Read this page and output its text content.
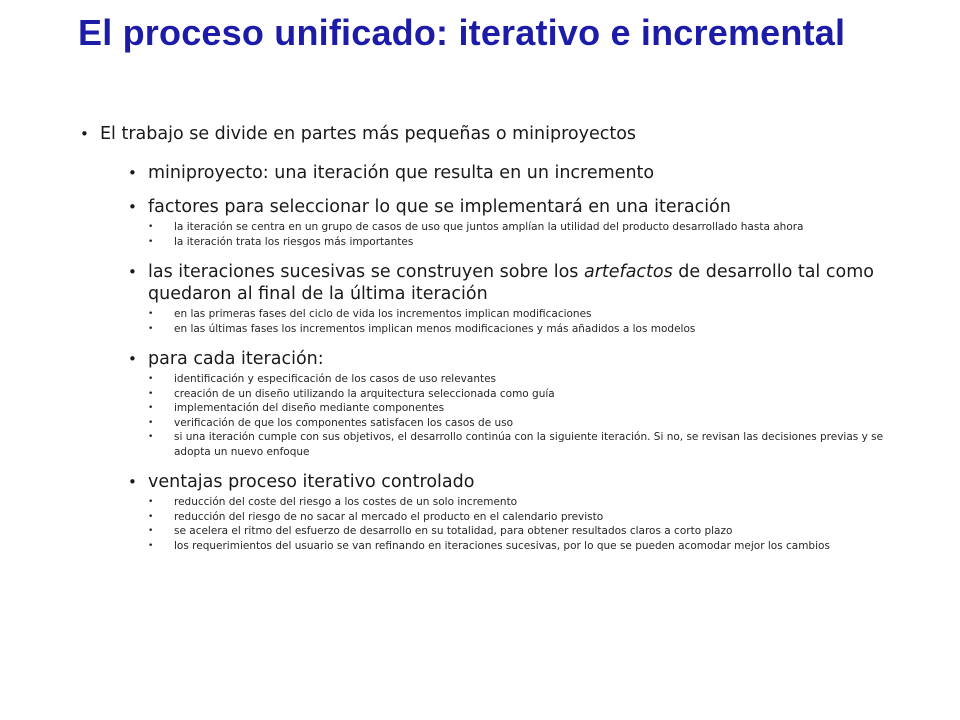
El proceso unificado: iterativo e incremental
• El trabajo se divide en partes más pequeñas o miniproyectos
• miniproyecto: una iteración que resulta en un incremento
• factores para seleccionar lo que se implementará en una iteración
• la iteración se centra en un grupo de casos de uso que juntos amplían la utilidad del producto desarrollado hasta ahora
• la iteración trata los riesgos más importantes
• las iteraciones sucesivas se construyen sobre los artefactos de desarrollo tal como quedaron al final de la última iteración
• en las primeras fases del ciclo de vida los incrementos implican modificaciones
• en las últimas fases los incrementos implican menos modificaciones y más añadidos a los modelos
• para cada iteración:
• identificación y especificación de los casos de uso relevantes
• creación de un diseño utilizando la arquitectura seleccionada como guía
• implementación del diseño mediante componentes
• verificación de que los componentes satisfacen los casos de uso
• si una iteración cumple con sus objetivos, el desarrollo continúa con la siguiente iteración. Si no, se revisan las decisiones previas y se adopta un nuevo enfoque
• ventajas proceso iterativo controlado
• reducción del coste del riesgo a los costes de un solo incremento
• reducción del riesgo de no sacar al mercado el producto en el calendario previsto
• se acelera el ritmo del esfuerzo de desarrollo en su totalidad, para obtener resultados claros a corto plazo
• los requerimientos del usuario se van refinando en iteraciones sucesivas, por lo que se pueden acomodar mejor los cambios
